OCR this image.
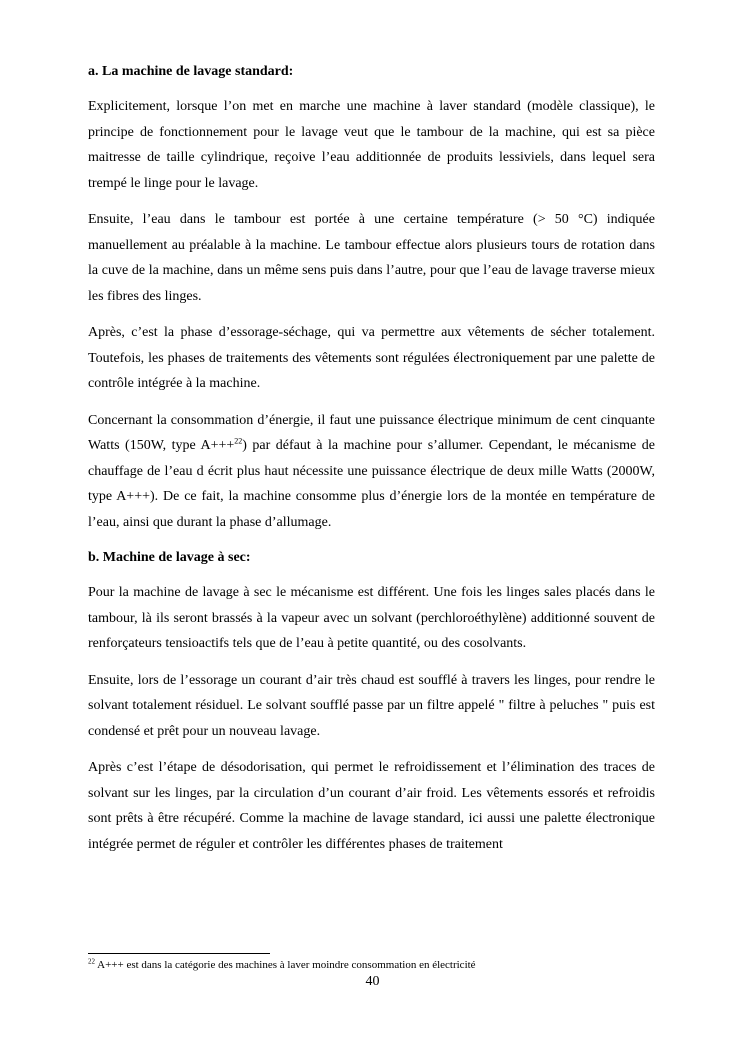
a. La machine de lavage standard:

Explicitement, lorsque l’on met en marche une machine à laver standard (modèle classique), le principe de fonctionnement pour le lavage veut que le tambour de la machine, qui est sa pièce maitresse de taille cylindrique, reçoive l’eau additionnée de produits lessiviels, dans lequel sera trempé le linge pour le lavage.

Ensuite, l’eau dans le tambour est portée à une certaine température (> 50 °C) indiquée manuellement au préalable à la machine. Le tambour effectue alors plusieurs tours de rotation dans la cuve de la machine, dans un même sens puis dans l’autre, pour que l’eau de lavage traverse mieux les fibres des linges.

Après, c’est la phase d’essorage-séchage, qui va permettre aux vêtements de sécher totalement. Toutefois, les phases de traitements des vêtements sont régulées électroniquement par une palette de contrôle intégrée à la machine.

Concernant la consommation d’énergie, il faut une puissance électrique minimum de cent cinquante Watts (150W, type A+++$^{22}$) par défaut à la machine pour s’allumer. Cependant, le mécanisme de chauffage de l’eau d écrit plus haut nécessite une puissance électrique de deux mille Watts (2000W, type A+++). De ce fait, la machine consomme plus d’énergie lors de la montée en température de l’eau, ainsi que durant la phase d’allumage.

b. Machine de lavage à sec:

Pour la machine de lavage à sec le mécanisme est différent. Une fois les linges sales placés dans le tambour, là ils seront brassés à la vapeur avec un solvant (perchloroéthylène) additionné souvent de renforçateurs tensioactifs tels que de l’eau à petite quantité, ou des cosolvants.

Ensuite, lors de l’essorage un courant d’air très chaud est soufflé à travers les linges, pour rendre le solvant totalement résiduel. Le solvant soufflé passe par un filtre appelé " filtre à peluches " puis est condensé et prêt pour un nouveau lavage.

Après c’est l’étape de désodorisation, qui permet le refroidissement et l’élimination des traces de solvant sur les linges, par la circulation d’un courant d’air froid. Les vêtements essorés et refroidis sont prêts à être récupéré. Comme la machine de lavage standard, ici aussi une palette électronique intégrée permet de réguler et contrôler les différentes phases de traitement

$^{22}$ A+++ est dans la catégorie des machines à laver moindre consommation en électricité
40
